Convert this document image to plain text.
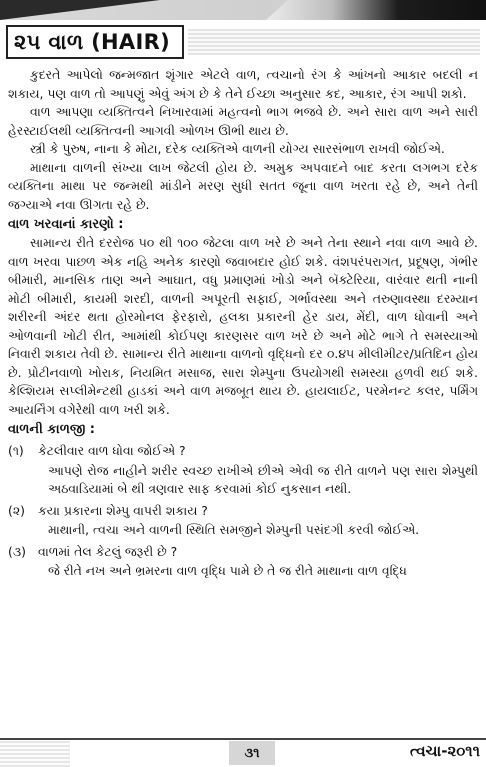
૨૫ વાળ (HAIR)

કુદરતે આપેલો જન્મજાત શૃંગાર એટલે વાળ, ત્વચાનો રંગ કે આંખનો આકાર બદલી ન શકાય, પણ વાળ તો આપણું એવું અંગ છે કે તેને ઈચ્છા અનુસાર કદ, આકાર, રંગ આપી શકો.

વાળ આપણા વ્યક્તિત્વને નિખારવામાં મહત્વનો ભાગ ભજવે છે. અને સારા વાળ અને સારી હેરસ્ટાઈલથી વ્યક્તિત્વની આગવી ઓળખ ઊભી થાય છે.

સ્ત્રી કે પુરુષ, નાના કે મોટા, દરેક વ્યક્તિએ વાળની યોગ્ય સારસંભાળ રાખવી જોઈએ.

માથાના વાળની સંખ્યા લાખ જેટલી હોય છે. અમુક અપવાદને બાદ કરતા લગભગ દરેક વ્યક્તિના માથા પર જન્મથી માંડીને મરણ સુધી સતત જૂના વાળ ખરતા રહે છે, અને તેની જગ્યાએ નવા ઊગતા રહે છે.

વાળ ખરવાનાં કારણો :

સામાન્ય રીતે દરરોજ ૫૦ થી ૧૦૦ જેટલા વાળ ખરે છે અને તેના સ્થાને નવા વાળ આવે છે. વાળ ખરવા પાછળ એક નહિ અનેક કારણો જવાબદાર હોઈ શકે. વંશપરંપરાગત, પ્રદૂષણ, ગંભીર બીમારી, માનસિક તાણ અને આઘાત, વધુ પ્રમાણમાં ખોડો અને બૅક્ટેરિયા, વારંવાર થતી નાની મોટી બીમારી, કાયમી શરદી, વાળની અપૂરતી સફાઈ, ગર્ભાવસ્થા અને તરુણાવસ્થા દરમ્યાન શરીરની અંદર થતા હોરમોનલ ફેરફારો, હલકા પ્રકારની હેર ડાય, મેંદી, વાળ ધોવાની અને ઓળવાની ખોટી રીત, આમાંથી કોઈપણ કારણસર વાળ ખરે છે અને મોટે ભાગે તે સમસ્યાઓ નિવારી શકાય તેવી છે. સામાન્ય રીતે માથાના વાળનો વૃદ્ધિનો દર ૦.૪૫ મીલીમીટર/પ્રતિદિન હોય છે. પ્રોટીનવાળો ખોરાક, નિયમિત મસાજ, સારા શેમ્પુના ઉપયોગથી સમસ્યા હળવી થઈ શકે. કેલ્શિયમ સપ્લીમેન્ટથી હાડકાં અને વાળ મજબૂત થાય છે. હાયલાઈટ, પરમેનન્ટ કલર, પર્મિંગ આયર્નિંગ વગેરેથી વાળ ખરી શકે.

વાળની કાળજી :
(૧)	કેટલીવાર વાળ ધોવા જોઈએ ?
આપણે રોજ નાહીને શરીર સ્વચ્છ રાખીએ છીએ એવી જ રીતે વાળને પણ સારા શેમ્પુથી અઠવાડિયામાં બે થી ત્રણવાર સાફ કરવામાં કોઈ નુકસાન નથી.
(૨)	કયા પ્રકારના શેમ્પુ વાપરી શકાય ?
માથાની, ત્વચા અને વાળની સ્થિતિ સમજીને શેમ્પુની પસંદગી કરવી જોઈએ.
(૩) વાળમાં તેલ કેટલું જરૂરી છે ?
જે રીતે નખ અને ભ્રમરના વાળ વૃદ્ધિ પામે છે તે જ રીતે માથાના વાળ વૃદ્ધિ
૩૧	ત્વચા-૨૦૧૧
